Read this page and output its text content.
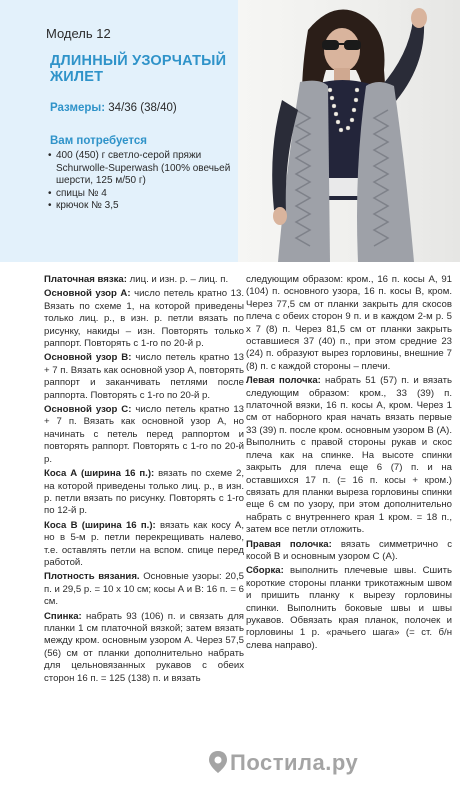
Модель 12
ДЛИННЫЙ УЗОРЧАТЫЙ ЖИЛЕТ
Размеры: 34/36 (38/40)
Вам потребуется
• 400 (450) г светло-серой пряжи Schurwolle-Superwash (100% овечьей шерсти, 125 м/50 г)
• спицы № 4
• крючок № 3,5

Платочная вязка: лиц. и изн. р. – лиц. п.

Основной узор А: число петель кратно 13. Вязать по схеме 1, на которой приведены только лиц. р., в изн. р. петли вязать по рисунку, накиды – изн. Повторять только раппорт. Повторять с 1-го по 20-й р.

Основной узор В: число петель кратно 13 + 7 п. Вязать как основной узор А, повторять раппорт и заканчивать петлями после раппорта. Повторять с 1-го по 20-й р.

Основной узор С: число петель кратно 13 + 7 п. Вязать как основной узор А, но начинать с петель перед раппортом и повторять раппорт. Повторять с 1-го по 20-й р.

Коса А (ширина 16 п.): вязать по схеме 2, на которой приведены только лиц. р., в изн. р. петли вязать по рисунку. Повторять с 1-го по 12-й р.

Коса В (ширина 16 п.): вязать как косу А, но в 5-м р. петли перекрещивать налево, т.е. оставлять петли на вспом. спице перед работой.

Плотность вязания. Основные узоры: 20,5 п. и 29,5 р. = 10 х 10 см; косы А и В: 16 п. = 6 см.

Спинка: набрать 93 (106) п. и связать для планки 1 см платочной вязкой; затем вязать между кром. основным узором А. Через 57,5 (56) см от планки дополнительно набрать для цельновязанных рукавов с обеих сторон 16 п. = 125 (138) п. и вязать

следующим образом: кром., 16 п. косы А, 91 (104) п. основного узора, 16 п. косы В, кром. Через 77,5 см от планки закрыть для скосов плеча с обеих сторон 9 п. и в каждом 2-м р. 5 х 7 (8) п. Через 81,5 см от планки закрыть оставшиеся 37 (40) п., при этом средние 23 (24) п. образуют вырез горловины, внешние 7 (8) п. с каждой стороны – плечи.

Левая полочка: набрать 51 (57) п. и вязать следующим образом: кром., 33 (39) п. платочной вязки, 16 п. косы А, кром. Через 1 см от наборного края начать вязать первые 33 (39) п. после кром. основным узором В (А). Выполнить с правой стороны рукав и скос плеча как на спинке. На высоте спинки закрыть для плеча еще 6 (7) п. и на оставшихся 17 п. (= 16 п. косы + кром.) связать для планки выреза горловины спинки еще 6 см по узору, при этом дополнительно набрать с внутреннего края 1 кром. = 18 п., затем все петли отложить.

Правая полочка: вязать симметрично с косой В и основным узором С (А).

Сборка: выполнить плечевые швы. Сшить короткие стороны планки трикотажным швом и пришить планку к вырезу горловины спинки. Выполнить боковые швы и швы рукавов. Обвязать края планок, полочек и горловины 1 р. «рачьего шага» (= ст. б/н слева направо).

Постила.ру
